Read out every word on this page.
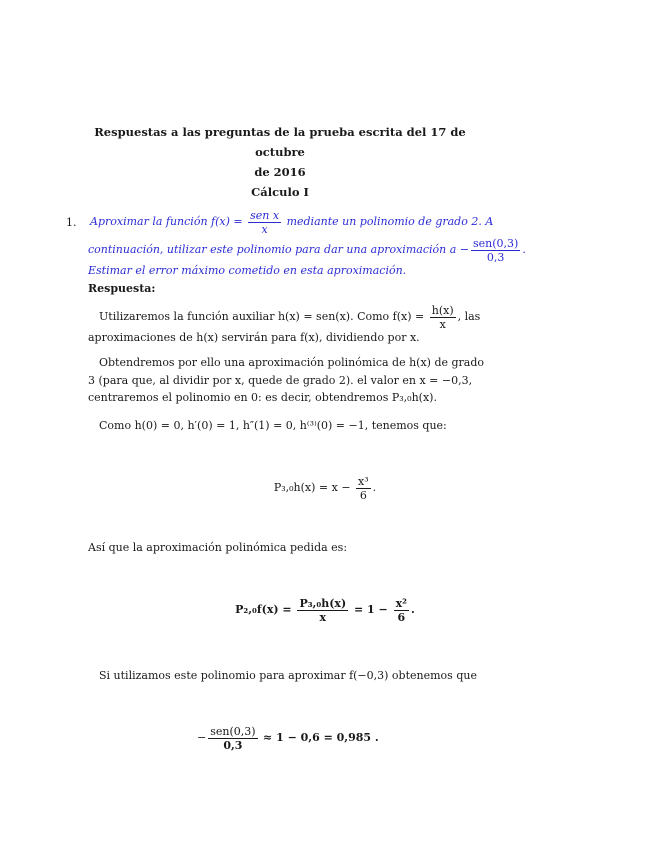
Respuestas a las preguntas de la prueba escrita del 17 de octubre
de 2016
Cálculo I
1. Aproximar la función $f(x) = \frac{\text{sen x}}{x}$ mediante un polinomio de grado 2. A
continuación, utilizar este polinomio para dar una aproximación $a - \frac{\text{sen(0,3)}}{0,3}$ .
Estimar el error máximo cometido en esta aproximación.
Respuesta:
Utilizaremos la función auxiliar h(x) = sen(x). Como $f(x) = \frac{h(x)}{x}$ , las
aproximaciones de h(x) servirán para f(x), dividiendo por x.
Obtendremos por ello una aproximación polinómica de h(x) de grado
3 (para que, al dividir por x, quede de grado 2). el valor en x = −0,3,
centraremos el polinomio en 0: es decir, obtendremos P₃,₀h(x).
Como h(0) = 0, h′(0) = 1, h″(1) = 0, h⁽³⁾(0) = −1, tenemos que:
$P_3,_0h(x) = x - \frac{\text{x³}}{6}$ .
Así que la aproximación polinómica pedida es:
$P_2,_0f(x) = \frac{\text{P₃,₀h(x)}}{x} = 1 - \frac{\text{x²}}{6}$ .
Si utilizamos este polinomio para aproximar f(−0,3) obtenemos que
− $\frac{\text{sen(0,3)}}{0,3} \approx 1 - 0,6 = 0,985$ .
